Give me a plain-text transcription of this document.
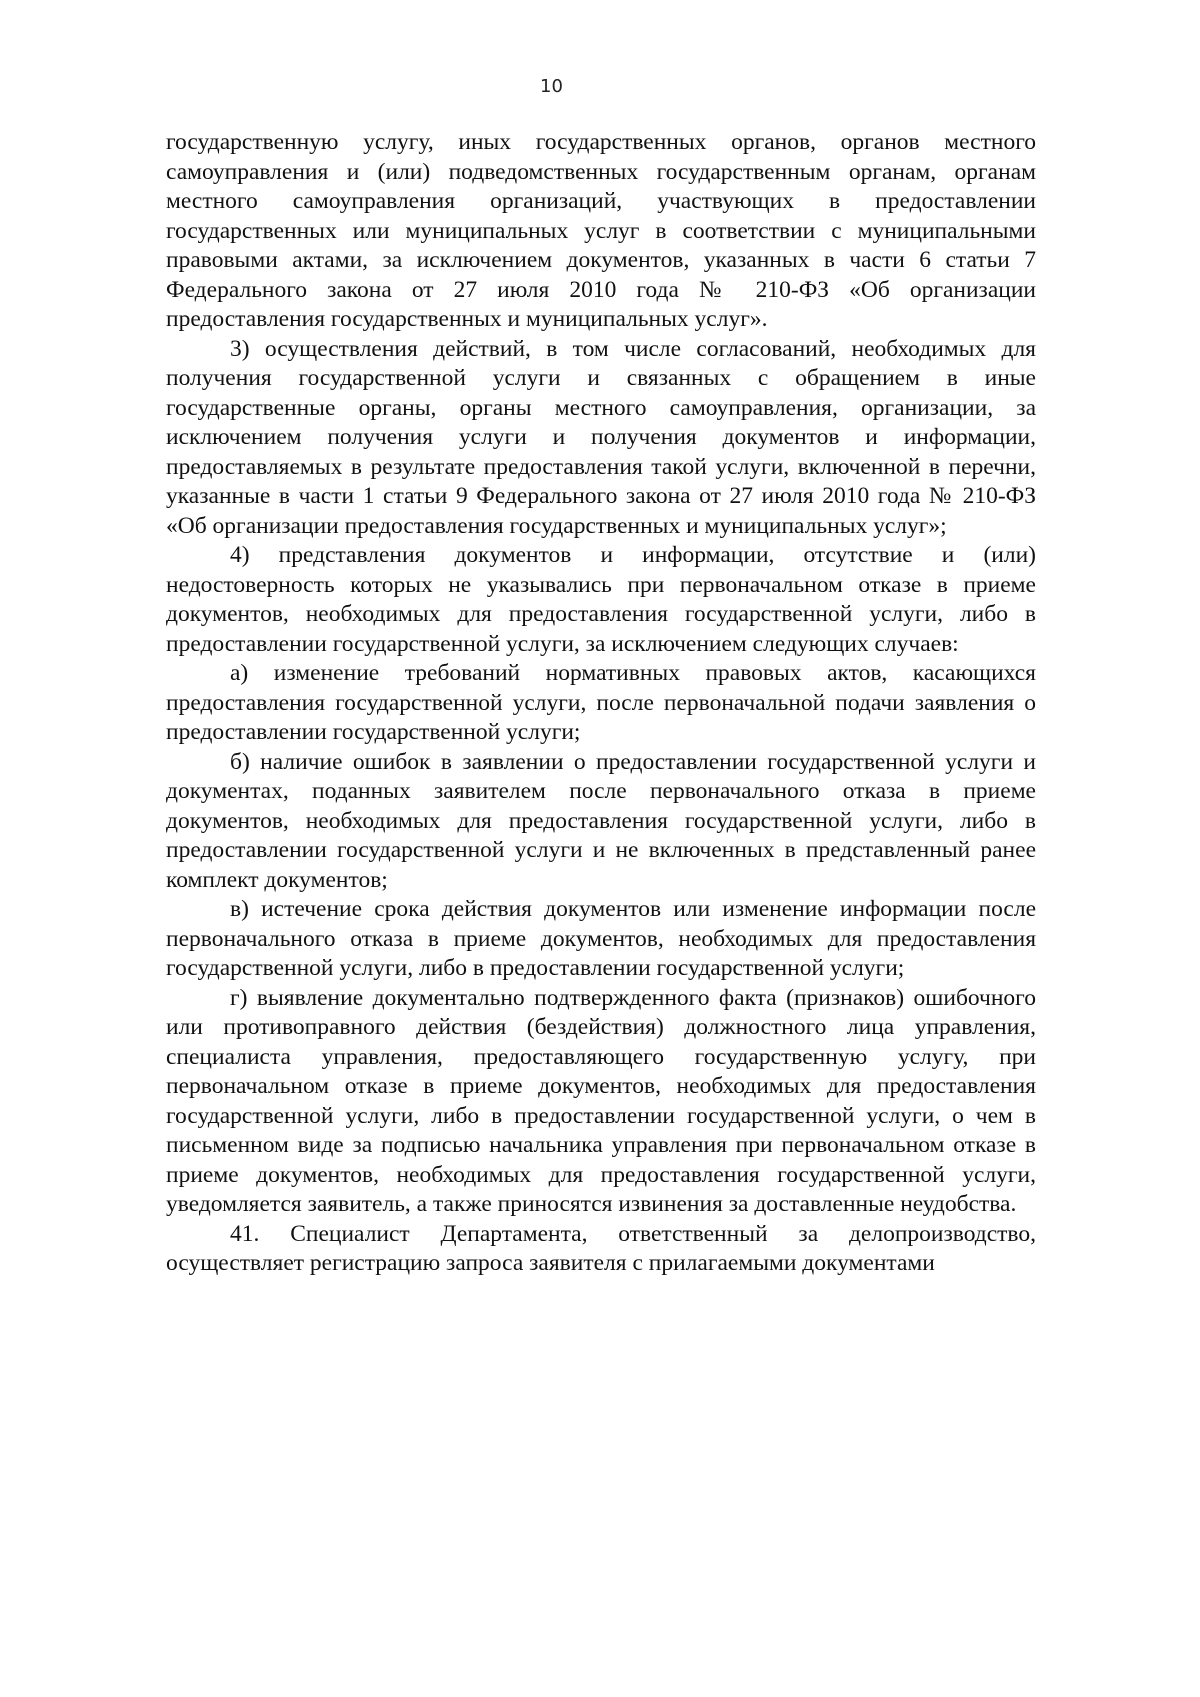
10

государственную услугу, иных государственных органов, органов местного самоуправления и (или) подведомственных государственным органам, органам местного самоуправления организаций, участвующих в предоставлении государственных или муниципальных услуг в соответствии с муниципальными правовыми актами, за исключением документов, указанных в части 6 статьи 7 Федерального закона от 27 июля 2010 года № 210-ФЗ «Об организации предоставления государственных и муниципальных услуг».

3) осуществления действий, в том числе согласований, необходимых для получения государственной услуги и связанных с обращением в иные государственные органы, органы местного самоуправления, организации, за исключением получения услуги и получения документов и информации, предоставляемых в результате предоставления такой услуги, включенной в перечни, указанные в части 1 статьи 9 Федерального закона от 27 июля 2010 года № 210-ФЗ «Об организации предоставления государственных и муниципальных услуг»;

4) представления документов и информации, отсутствие и (или) недостоверность которых не указывались при первоначальном отказе в приеме документов, необходимых для предоставления государственной услуги, либо в предоставлении государственной услуги, за исключением следующих случаев:

а) изменение требований нормативных правовых актов, касающихся предоставления государственной услуги, после первоначальной подачи заявления о предоставлении государственной услуги;

б) наличие ошибок в заявлении о предоставлении государственной услуги и документах, поданных заявителем после первоначального отказа в приеме документов, необходимых для предоставления государственной услуги, либо в предоставлении государственной услуги и не включенных в представленный ранее комплект документов;

в) истечение срока действия документов или изменение информации после первоначального отказа в приеме документов, необходимых для предоставления государственной услуги, либо в предоставлении государственной услуги;

г) выявление документально подтвержденного факта (признаков) ошибочного или противоправного действия (бездействия) должностного лица управления, специалиста управления, предоставляющего государственную услугу, при первоначальном отказе в приеме документов, необходимых для предоставления государственной услуги, либо в предоставлении государственной услуги, о чем в письменном виде за подписью начальника управления при первоначальном отказе в приеме документов, необходимых для предоставления государственной услуги, уведомляется заявитель, а также приносятся извинения за доставленные неудобства.

41. Специалист Департамента, ответственный за делопроизводство, осуществляет регистрацию запроса заявителя с прилагаемыми документами
